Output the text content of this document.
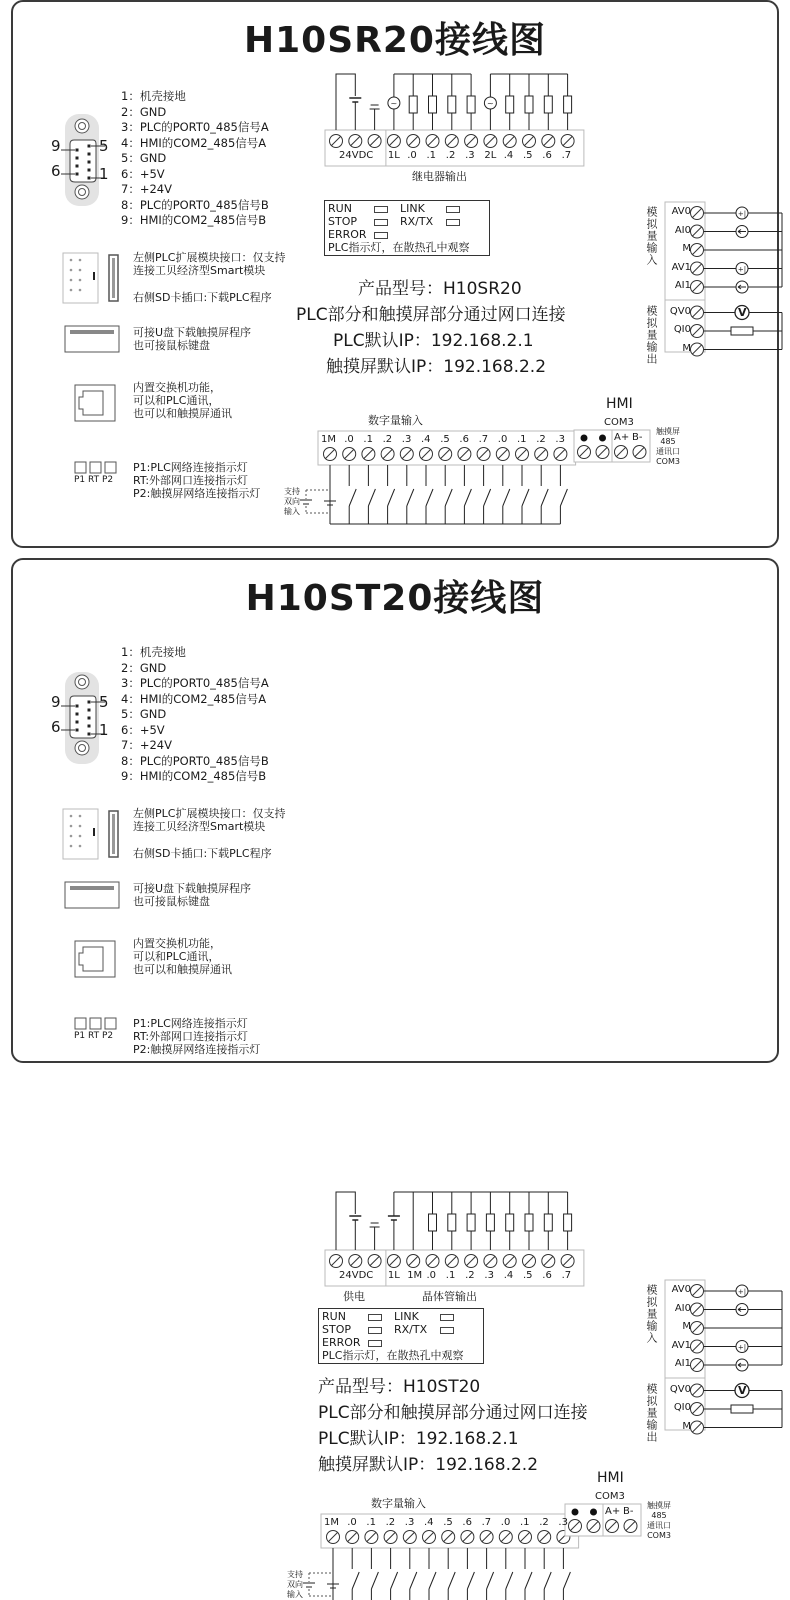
~	~
+|
+|
H10SR20接线图
1：机壳接地
2：GND
3：PLC的PORT0_485信号A
4：HMI的COM2_485信号A
5：GND
6：+5V
7：+24V
8：PLC的PORT0_485信号B
9：HMI的COM2_485信号B
9	5
6	1
左侧PLC扩展模块接口：仅支持
连接工贝经济型Smart模块
右侧SD卡插口:下载PLC程序
可接U盘下载触摸屏程序
也可接鼠标键盘
内置交换机功能，
可以和PLC通讯，
也可以和触摸屏通讯
P1 RT P2
P1:PLC网络连接指示灯
RT:外部网口连接指示灯
P2:触摸屏网络连接指示灯
24VDC 1L .0 .1 .2 .3 2L .4 .5 .6 .7
继电器输出
RUN	LINK
STOP	RX/TX
ERROR
PLC指示灯，在散热孔中观察
产品型号：H10SR20
PLC部分和触摸屏部分通过网口连接
PLC默认IP：192.168.2.1
触摸屏默认IP：192.168.2.2
模拟量输入
模拟量输出
AV0
AI0
M
AV1
AI1
QV0
QI0
M
V
数字量输入
1M .0 .1 .2 .3 .4 .5 .6 .7 .0 .1 .2 .3
支持
双向
输入
HMI
COM3
A+ B-
触摸屏
485
通讯口
COM3
+|
+|
H10ST20接线图
1：机壳接地
2：GND
3：PLC的PORT0_485信号A
4：HMI的COM2_485信号A
5：GND
6：+5V
7：+24V
8：PLC的PORT0_485信号B
9：HMI的COM2_485信号B
9	5
6	1
左侧PLC扩展模块接口：仅支持
连接工贝经济型Smart模块
右侧SD卡插口:下载PLC程序
可接U盘下载触摸屏程序
也可接鼠标键盘
内置交换机功能，
可以和PLC通讯，
也可以和触摸屏通讯
P1 RT P2
P1:PLC网络连接指示灯
RT:外部网口连接指示灯
P2:触摸屏网络连接指示灯
24VDC 1L 1M .0 .1 .2 .3 .4 .5 .6 .7
晶体管输出
供电
RUN	LINK
STOP	RX/TX
ERROR
PLC指示灯，在散热孔中观察
产品型号：H10ST20
PLC部分和触摸屏部分通过网口连接
PLC默认IP：192.168.2.1
触摸屏默认IP：192.168.2.2
模拟量输入
模拟量输出
AV0
AI0
M
AV1
AI1
QV0
QI0
M
V
数字量输入
1M .0 .1 .2 .3 .4 .5 .6 .7 .0 .1 .2 .3
支持
双向
输入
HMI
COM3
A+ B-
触摸屏
485
通讯口
COM3
